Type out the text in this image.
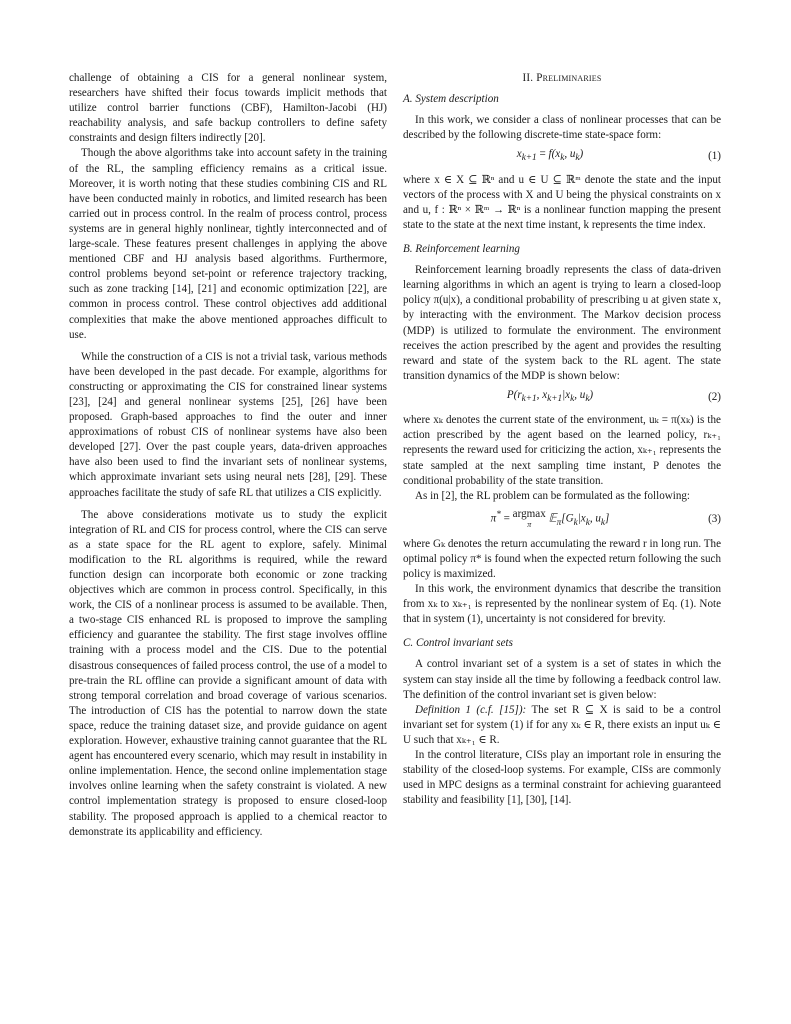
challenge of obtaining a CIS for a general nonlinear system, researchers have shifted their focus towards implicit methods that utilize control barrier functions (CBF), Hamilton-Jacobi (HJ) reachability analysis, and safe backup controllers to define safety constraints and design filters indirectly [20].

Though the above algorithms take into account safety in the training of the RL, the sampling efficiency remains as a critical issue. Moreover, it is worth noting that these studies combining CIS and RL have been conducted mainly in robotics, and limited research has been carried out in process control. In the realm of process control, process systems are in general highly nonlinear, tightly interconnected and of large-scale. These features present challenges in applying the above mentioned CBF and HJ analysis based algorithms. Furthermore, control problems beyond set-point or reference trajectory tracking, such as zone tracking [14], [21] and economic optimization [22], are common in process control. These control objectives add additional complexities that make the above mentioned approaches difficult to use.

While the construction of a CIS is not a trivial task, various methods have been developed in the past decade. For example, algorithms for constructing or approximating the CIS for constrained linear systems [23], [24] and general nonlinear systems [25], [26] have been proposed. Graph-based approaches to find the outer and inner approximations of robust CIS of nonlinear systems have also been developed [27]. Over the past couple years, data-driven approaches have also been used to find the invariant sets of nonlinear systems, which approximate invariant sets using neural nets [28], [29]. These approaches facilitate the study of safe RL that utilizes a CIS explicitly.

The above considerations motivate us to study the explicit integration of RL and CIS for process control, where the CIS can serve as a state space for the RL agent to explore, safely. Minimal modification to the RL algorithms is required, while the reward function design can incorporate both economic or zone tracking objectives which are common in process control. Specifically, in this work, the CIS of a nonlinear process is assumed to be available. Then, a two-stage CIS enhanced RL is proposed to improve the sampling efficiency and guarantee the stability. The first stage involves offline training with a process model and the CIS. Due to the potential disastrous consequences of failed process control, the use of a model to pre-train the RL offline can provide a significant amount of data with strong temporal correlation and broad coverage of various scenarios. The introduction of CIS has the potential to narrow down the state space, reduce the training dataset size, and provide guidance on agent exploration. However, exhaustive training cannot guarantee that the RL agent has encountered every scenario, which may result in instability in online implementation. Hence, the second online implementation stage involves online learning when the safety constraint is violated. A new control implementation strategy is proposed to ensure closed-loop stability. The proposed approach is applied to a chemical reactor to demonstrate its applicability and efficiency.

II. Preliminaries
A. System description

In this work, we consider a class of nonlinear processes that can be described by the following discrete-time state-space form:

$x_{k+1} = f(x_k$, $u_k$)	(1)

where x ∈ X ⊆ ℝⁿ and u ∈ U ⊆ ℝᵐ denote the state and the input vectors of the process with X and U being the physical constraints on x and u, f : ℝⁿ × ℝᵐ → ℝⁿ is a nonlinear function mapping the present state to the state at the next time instant, k represents the time index.

B. Reinforcement learning

Reinforcement learning broadly represents the class of data-driven learning algorithms in which an agent is trying to learn a closed-loop policy π(u|x), a conditional probability of prescribing u at given state x, by interacting with the environment. The Markov decision process (MDP) is utilized to formulate the environment. The environment receives the action prescribed by the agent and provides the resulting reward and state of the system back to the RL agent. The state transition dynamics of the MDP is shown below:

$P(r_{k+1}$, $x_{k+1}|x_k$, $u_k$)	(2)

where xₖ denotes the current state of the environment, uₖ = π(xₖ) is the action prescribed by the agent based on the learned policy, rₖ₊₁ represents the reward used for criticizing the action, xₖ₊₁ represents the state sampled at the next sampling time instant, P denotes the conditional probability of the state transition.

As in [2], the RL problem can be formulated as the following:

π* = argmax
π $𝔼_\pi[G_k|x_k$, $u_k$]	(3)

where Gₖ denotes the return accumulating the reward r in long run. The optimal policy π* is found when the expected return following the such policy is maximized.

In this work, the environment dynamics that describe the transition from xₖ to xₖ₊₁ is represented by the nonlinear system of Eq. (1). Note that in system (1), uncertainty is not considered for brevity.

C. Control invariant sets

A control invariant set of a system is a set of states in which the system can stay inside all the time by following a feedback control law. The definition of the control invariant set is given below:

Definition 1 (c.f. [15]): The set R ⊆ X is said to be a control invariant set for system (1) if for any xₖ ∈ R, there exists an input uₖ ∈ U such that xₖ₊₁ ∈ R.

In the control literature, CISs play an important role in ensuring the stability of the closed-loop systems. For example, CISs are commonly used in MPC designs as a terminal constraint for achieving guaranteed stability and feasibility [1], [30], [14].
